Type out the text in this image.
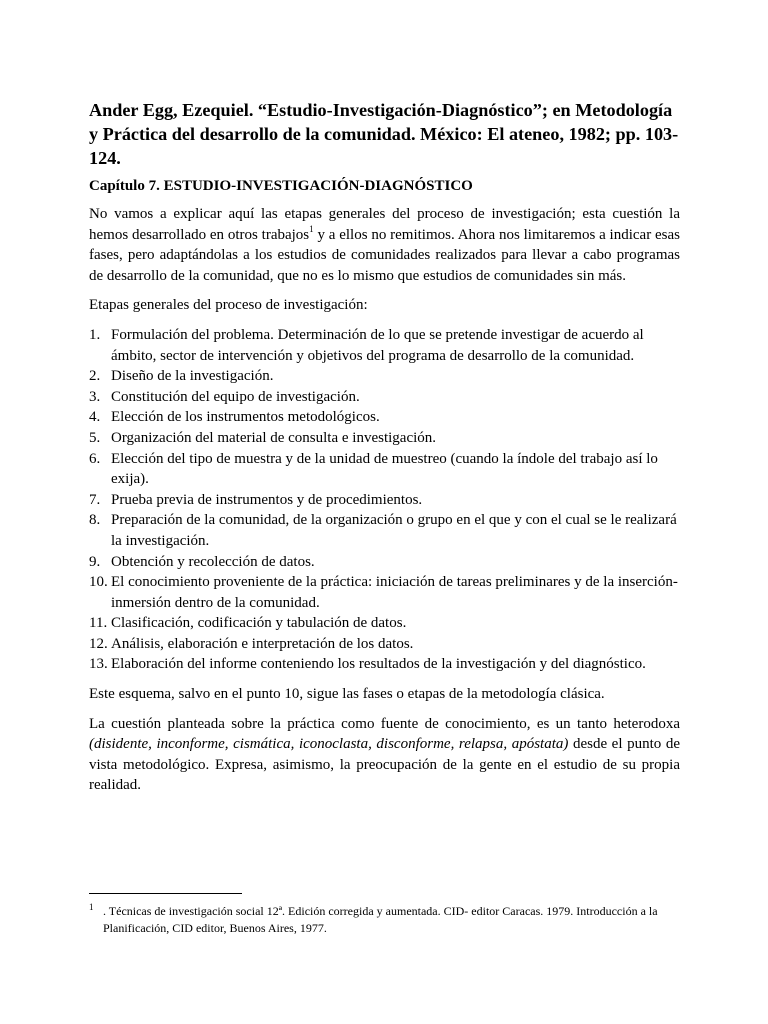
Ander Egg, Ezequiel. “Estudio-Investigación-Diagnóstico”; en Metodología y Práctica del desarrollo de la comunidad. México: El ateneo, 1982; pp. 103-124.
Capítulo 7. ESTUDIO-INVESTIGACIÓN-DIAGNÓSTICO

No vamos a explicar aquí las etapas generales del proceso de investigación; esta cuestión la hemos desarrollado en otros trabajos$^1$ y a ellos no remitimos. Ahora nos limitaremos a indicar esas fases, pero adaptándolas a los estudios de comunidades realizados para llevar a cabo programas de desarrollo de la comunidad, que no es lo mismo que estudios de comunidades sin más.

Etapas generales del proceso de investigación:

1. Formulación del problema. Determinación de lo que se pretende investigar de acuerdo al ámbito, sector de intervención y objetivos del programa de desarrollo de la comunidad.
2. Diseño de la investigación.
3. Constitución del equipo de investigación.
4. Elección de los instrumentos metodológicos.
5. Organización del material de consulta e investigación.
6. Elección del tipo de muestra y de la unidad de muestreo (cuando la índole del trabajo así lo exija).
7. Prueba previa de instrumentos y de procedimientos.
8. Preparación de la comunidad, de la organización o grupo en el que y con el cual se le realizará la investigación.
9. Obtención y recolección de datos.
10. El conocimiento proveniente de la práctica: iniciación de tareas preliminares y de la inserción-inmersión dentro de la comunidad.
11. Clasificación, codificación y tabulación de datos.
12. Análisis, elaboración e interpretación de los datos.
13. Elaboración del informe conteniendo los resultados de la investigación y del diagnóstico.

Este esquema, salvo en el punto 10, sigue las fases o etapas de la metodología clásica.

La cuestión planteada sobre la práctica como fuente de conocimiento, es un tanto heterodoxa (disidente, inconforme, cismática, iconoclasta, disconforme, relapsa, apóstata) desde el punto de vista metodológico. Expresa, asimismo, la preocupación de la gente en el estudio de su propia realidad.

1 . Técnicas de investigación social 12ª. Edición corregida y aumentada. CID- editor Caracas. 1979. Introducción a la Planificación, CID editor, Buenos Aires, 1977.
